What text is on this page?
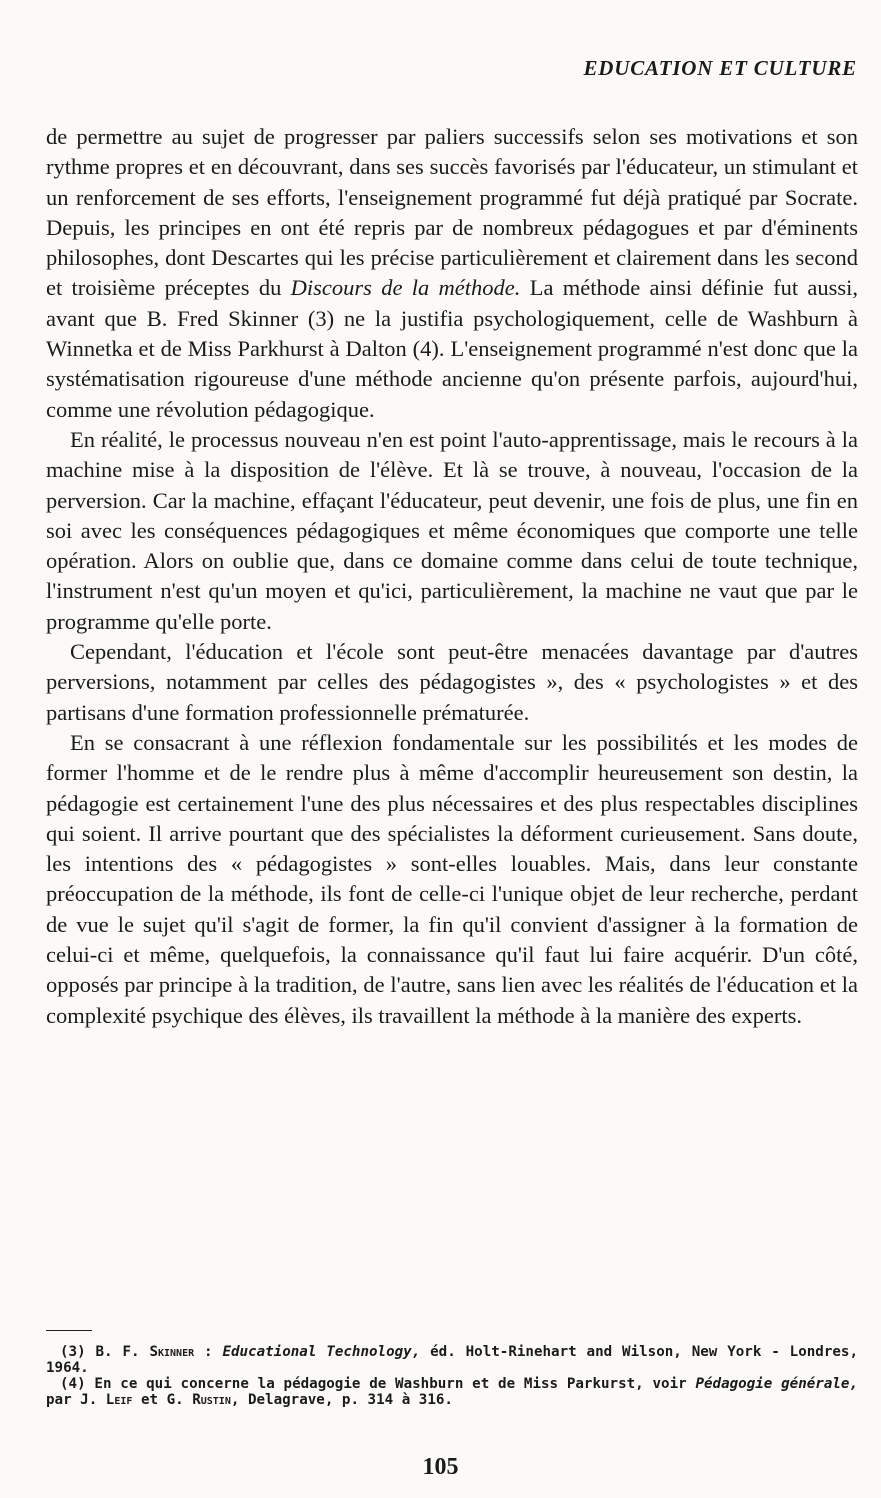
EDUCATION ET CULTURE

de permettre au sujet de progresser par paliers successifs selon ses motivations et son rythme propres et en découvrant, dans ses succès favorisés par l'éducateur, un stimulant et un renforcement de ses efforts, l'enseignement programmé fut déjà pratiqué par Socrate. Depuis, les principes en ont été repris par de nombreux pédagogues et par d'éminents philosophes, dont Descartes qui les précise particulièrement et clairement dans les second et troisième préceptes du Discours de la méthode. La méthode ainsi définie fut aussi, avant que B. Fred Skinner (3) ne la justifia psychologiquement, celle de Washburn à Winnetka et de Miss Parkhurst à Dalton (4). L'enseignement programmé n'est donc que la systématisation rigoureuse d'une méthode ancienne qu'on présente parfois, aujourd'hui, comme une révolution pédagogique.

En réalité, le processus nouveau n'en est point l'auto-apprentissage, mais le recours à la machine mise à la disposition de l'élève. Et là se trouve, à nouveau, l'occasion de la perversion. Car la machine, effaçant l'éducateur, peut devenir, une fois de plus, une fin en soi avec les conséquences pédagogiques et même économiques que comporte une telle opération. Alors on oublie que, dans ce domaine comme dans celui de toute technique, l'instrument n'est qu'un moyen et qu'ici, particulièrement, la machine ne vaut que par le programme qu'elle porte.

Cependant, l'éducation et l'école sont peut-être menacées davantage par d'autres perversions, notamment par celles des pédagogistes », des « psychologistes » et des partisans d'une formation professionnelle prématurée.

En se consacrant à une réflexion fondamentale sur les possibilités et les modes de former l'homme et de le rendre plus à même d'accomplir heureusement son destin, la pédagogie est certainement l'une des plus nécessaires et des plus respectables disciplines qui soient. Il arrive pourtant que des spécialistes la déforment curieusement. Sans doute, les intentions des « pédagogistes » sont-elles louables. Mais, dans leur constante préoccupation de la méthode, ils font de celle-ci l'unique objet de leur recherche, perdant de vue le sujet qu'il s'agit de former, la fin qu'il convient d'assigner à la formation de celui-ci et même, quelquefois, la connaissance qu'il faut lui faire acquérir. D'un côté, opposés par principe à la tradition, de l'autre, sans lien avec les réalités de l'éducation et la complexité psychique des élèves, ils travaillent la méthode à la manière des experts.

(3) B. F. Skinner : Educational Technology, éd. Holt-Rinehart and Wilson, New York - Londres, 1964.

(4) En ce qui concerne la pédagogie de Washburn et de Miss Parkurst, voir Pédagogie générale, par J. Leif et G. Rustin, Delagrave, p. 314 à 316.

105
